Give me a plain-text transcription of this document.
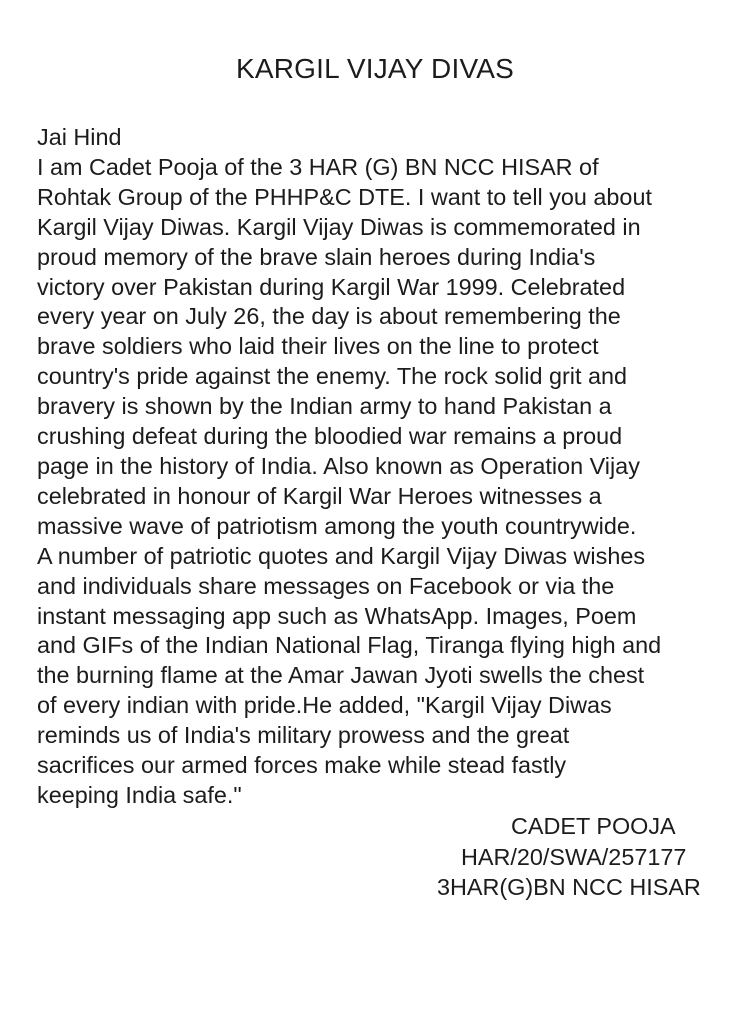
KARGIL VIJAY DIVAS
Jai Hind
I am Cadet Pooja of the 3 HAR (G) BN NCC HISAR of
Rohtak Group of the PHHP&C DTE. I want to tell you about
Kargil Vijay Diwas. Kargil Vijay Diwas is commemorated in
proud memory of the brave slain heroes during India's
victory over Pakistan during Kargil War 1999. Celebrated
every year on July 26, the day is about remembering the
brave soldiers who laid their lives on the line to protect
country's pride against the enemy. The rock solid grit and
bravery is shown by the Indian army to hand Pakistan a
crushing defeat during the bloodied war remains a proud
page in the history of India. Also known as Operation Vijay
celebrated in honour of Kargil War Heroes witnesses a
massive wave of patriotism among the youth countrywide.
A number of patriotic quotes and Kargil Vijay Diwas wishes
and individuals share messages on Facebook or via the
instant messaging app such as WhatsApp. Images, Poem
and GIFs of the Indian National Flag, Tiranga flying high and
the burning flame at the Amar Jawan Jyoti swells the chest
of every indian with pride.He added, "Kargil Vijay Diwas
reminds us of India's military prowess and the great
sacrifices our armed forces make while stead fastly
keeping India safe."
CADET POOJA
HAR/20/SWA/257177
3HAR(G)BN NCC HISAR
